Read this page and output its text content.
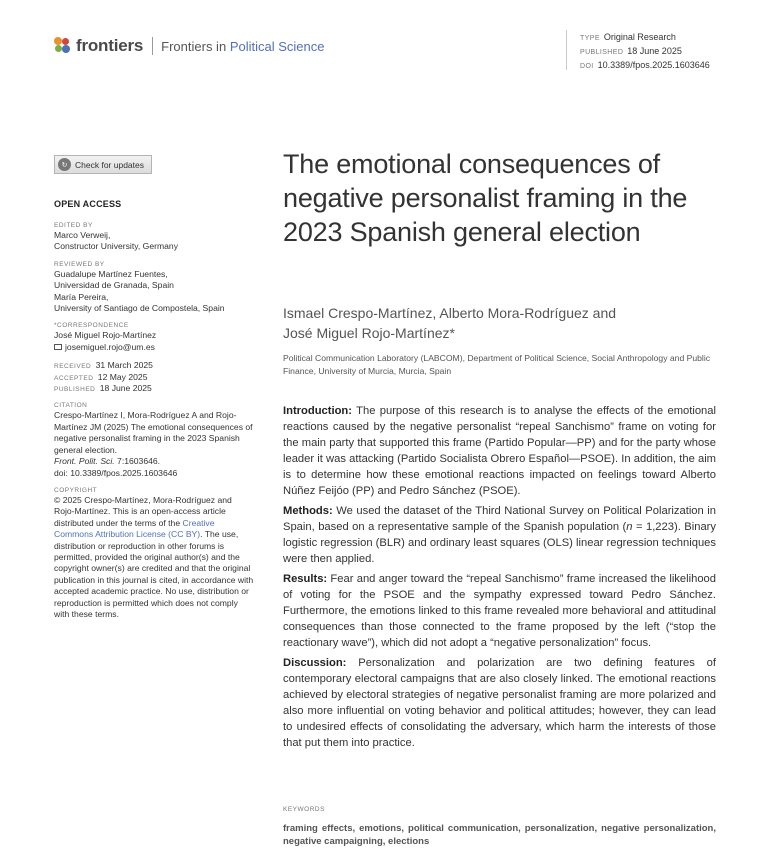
frontiers Frontiers in Political Science	TYPE Original Research
PUBLISHED 18 June 2025
DOI 10.3389/fpos.2025.1603646
↻ Check for updates
OPEN ACCESS
EDITED BY
Marco Verweij,
Constructor University, Germany
REVIEWED BY
Guadalupe Martínez Fuentes,
Universidad de Granada, Spain
María Pereira,
University of Santiago de Compostela, Spain
*CORRESPONDENCE
José Miguel Rojo-Martínez
josemiguel.rojo@um.es
RECEIVED 31 March 2025
ACCEPTED 12 May 2025
PUBLISHED 18 June 2025
CITATION
Crespo-Martínez I, Mora-Rodríguez A and Rojo-Martínez JM (2025) The emotional consequences of negative personalist framing in the 2023 Spanish general election.
Front. Polit. Sci. 7:1603646.
doi: 10.3389/fpos.2025.1603646
COPYRIGHT
© 2025 Crespo-Martínez, Mora-Rodríguez and Rojo-Martínez. This is an open-access article distributed under the terms of the Creative Commons Attribution License (CC BY). The use, distribution or reproduction in other forums is permitted, provided the original author(s) and the copyright owner(s) are credited and that the original publication in this journal is cited, in accordance with accepted academic practice. No use, distribution or reproduction is permitted which does not comply with these terms.
The emotional consequences of negative personalist framing in the 2023 Spanish general election
Ismael Crespo-Martínez, Alberto Mora-Rodríguez and
José Miguel Rojo-Martínez*
Political Communication Laboratory (LABCOM), Department of Political Science, Social Anthropology and Public Finance, University of Murcia, Murcia, Spain

Introduction: The purpose of this research is to analyse the effects of the emotional reactions caused by the negative personalist “repeal Sanchismo” frame on voting for the main party that supported this frame (Partido Popular—PP) and for the party whose leader it was attacking (Partido Socialista Obrero Español—PSOE). In addition, the aim is to determine how these emotional reactions impacted on feelings toward Alberto Núñez Feijóo (PP) and Pedro Sánchez (PSOE).

Methods: We used the dataset of the Third National Survey on Political Polarization in Spain, based on a representative sample of the Spanish population (n = 1,223). Binary logistic regression (BLR) and ordinary least squares (OLS) linear regression techniques were then applied.

Results: Fear and anger toward the “repeal Sanchismo” frame increased the likelihood of voting for the PSOE and the sympathy expressed toward Pedro Sánchez. Furthermore, the emotions linked to this frame revealed more behavioral and attitudinal consequences than those connected to the frame proposed by the left (“stop the reactionary wave”), which did not adopt a “negative personalization” focus.

Discussion: Personalization and polarization are two defining features of contemporary electoral campaigns that are also closely linked. The emotional reactions achieved by electoral strategies of negative personalist framing are more polarized and also more influential on voting behavior and political attitudes; however, they can lead to undesired effects of consolidating the adversary, which harm the interests of those that put them into practice.

KEYWORDS
framing effects, emotions, political communication, personalization, negative personalization, negative campaigning, elections
